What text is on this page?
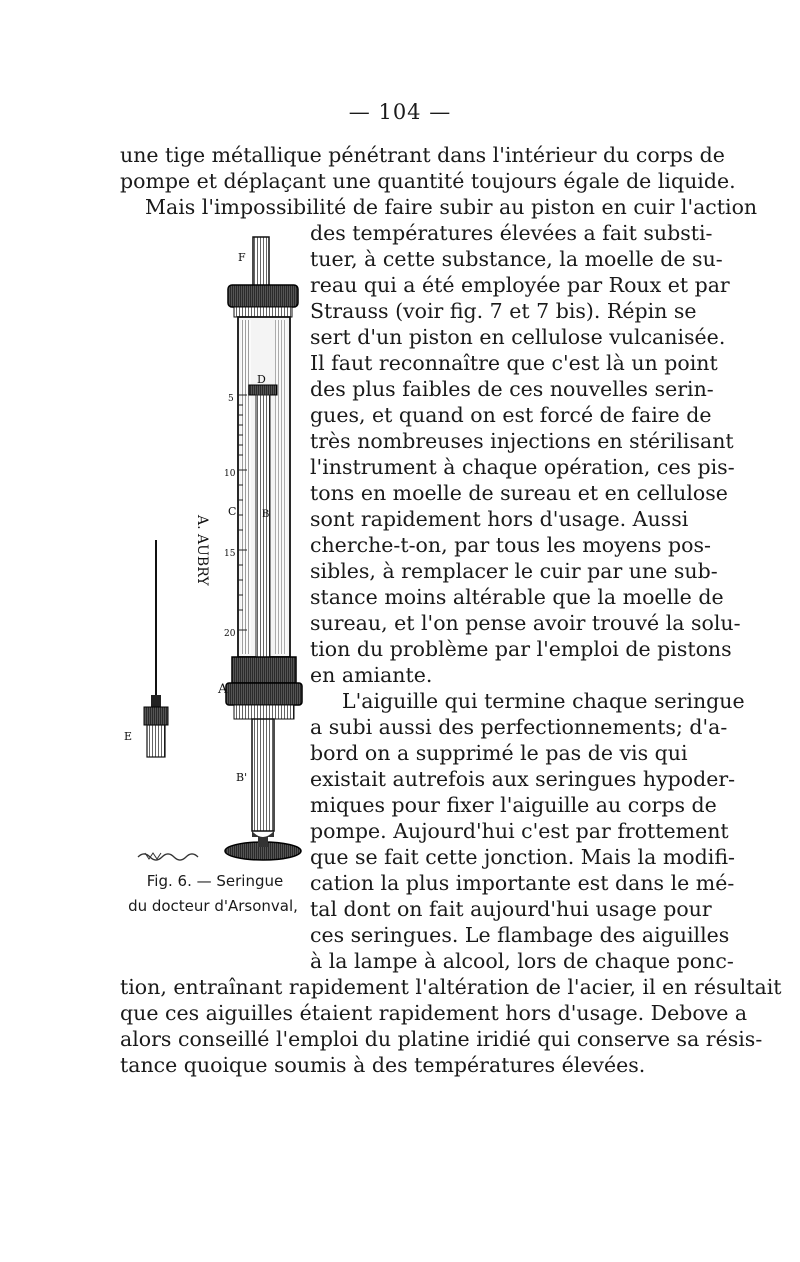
— 104 —
une tige métallique pénétrant dans l'intérieur du corps de
pompe et déplaçant une quantité toujours égale de liquide.
Mais l'impossibilité de faire subir au piston en cuir l'action
des températures élevées a fait substi-
tuer, à cette substance, la moelle de su-
reau qui a été employée par Roux et par
Strauss (voir fig. 7 et 7 bis). Répin se
sert d'un piston en cellulose vulcanisée.
Il faut reconnaître que c'est là un point
des plus faibles de ces nouvelles serin-
gues, et quand on est forcé de faire de
très nombreuses injections en stérilisant
l'instrument à chaque opération, ces pis-
tons en moelle de sureau et en cellulose
sont rapidement hors d'usage. Aussi
cherche-t-on, par tous les moyens pos-
sibles, à remplacer le cuir par une sub-
stance moins altérable que la moelle de
sureau, et l'on pense avoir trouvé la solu-
tion du problème par l'emploi de pistons
en amiante.
L'aiguille qui termine chaque seringue
a subi aussi des perfectionnements; d'a-
bord on a supprimé le pas de vis qui
existait autrefois aux seringues hypoder-
miques pour fixer l'aiguille au corps de
pompe. Aujourd'hui c'est par frottement
que se fait cette jonction. Mais la modifi-
cation la plus importante est dans le mé-
tal dont on fait aujourd'hui usage pour
ces seringues. Le flambage des aiguilles
à la lampe à alcool, lors de chaque ponc-
tion, entraînant rapidement l'altération de l'acier, il en résultait
que ces aiguilles étaient rapidement hors d'usage. Debove a
alors conseillé l'emploi du platine iridié qui conserve sa résis-
tance quoique soumis à des températures élevées.
F
D
C	B
A
B'
E
5
10
15
20
A. AUBRY
Fig. 6. — Seringue
du docteur d'Arsonval,
